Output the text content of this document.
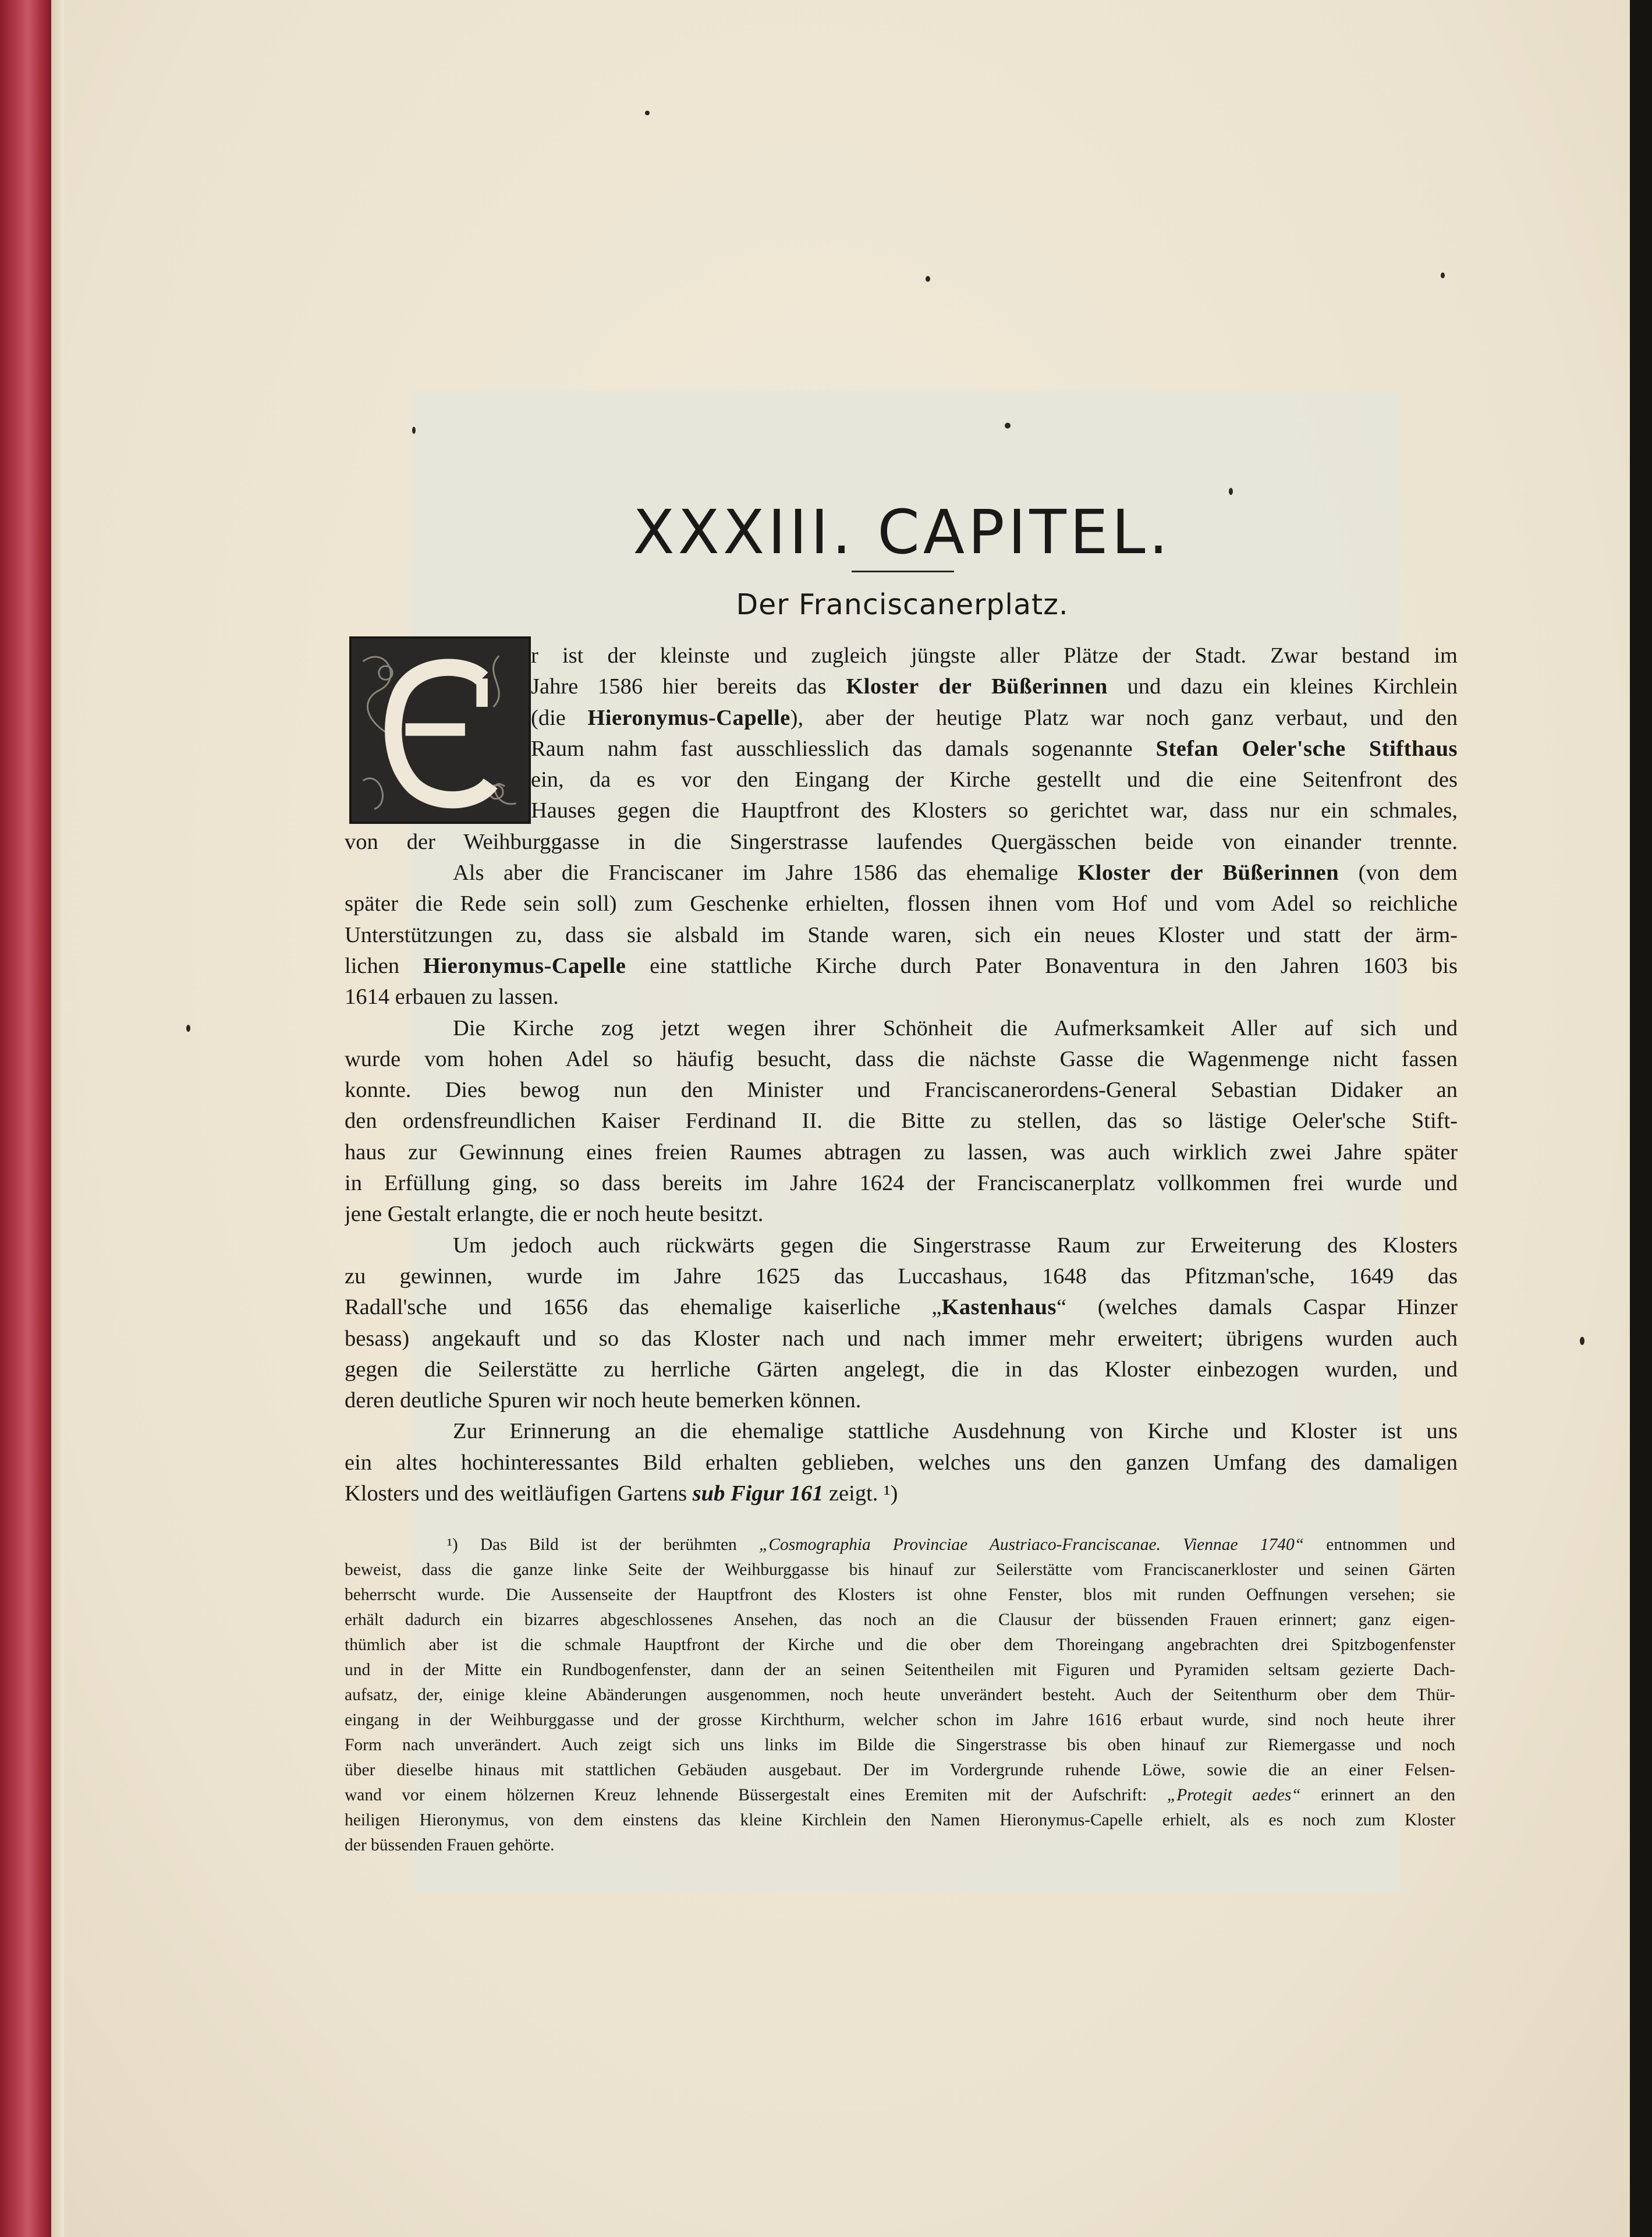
XXXIII. CAPITEL.
Der Franciscanerplatz.
E
r ist der kleinste und zugleich jüngste aller Plätze der Stadt. Zwar bestand im
Jahre 1586 hier bereits das Kloster der Büßerinnen und dazu ein kleines Kirchlein
(die Hieronymus-Capelle), aber der heutige Platz war noch ganz verbaut, und den
Raum nahm fast ausschliesslich das damals sogenannte Stefan Oeler'sche Stifthaus
ein, da es vor den Eingang der Kirche gestellt und die eine Seitenfront des
Hauses gegen die Hauptfront des Klosters so gerichtet war, dass nur ein schmales,
von der Weihburggasse in die Singerstrasse laufendes Quergässchen beide von einander trennte.
Als aber die Franciscaner im Jahre 1586 das ehemalige Kloster der Büßerinnen (von dem
später die Rede sein soll) zum Geschenke erhielten, flossen ihnen vom Hof und vom Adel so reichliche
Unterstützungen zu, dass sie alsbald im Stande waren, sich ein neues Kloster und statt der ärm-
lichen Hieronymus-Capelle eine stattliche Kirche durch Pater Bonaventura in den Jahren 1603 bis
1614 erbauen zu lassen.
Die Kirche zog jetzt wegen ihrer Schönheit die Aufmerksamkeit Aller auf sich und
wurde vom hohen Adel so häufig besucht, dass die nächste Gasse die Wagenmenge nicht fassen
konnte. Dies bewog nun den Minister und Franciscanerordens-General Sebastian Didaker an
den ordensfreundlichen Kaiser Ferdinand II. die Bitte zu stellen, das so lästige Oeler'sche Stift-
haus zur Gewinnung eines freien Raumes abtragen zu lassen, was auch wirklich zwei Jahre später
in Erfüllung ging, so dass bereits im Jahre 1624 der Franciscanerplatz vollkommen frei wurde und
jene Gestalt erlangte, die er noch heute besitzt.
Um jedoch auch rückwärts gegen die Singerstrasse Raum zur Erweiterung des Klosters
zu gewinnen, wurde im Jahre 1625 das Luccashaus, 1648 das Pfitzman'sche, 1649 das
Radall'sche und 1656 das ehemalige kaiserliche „Kastenhaus“ (welches damals Caspar Hinzer
besass) angekauft und so das Kloster nach und nach immer mehr erweitert; übrigens wurden auch
gegen die Seilerstätte zu herrliche Gärten angelegt, die in das Kloster einbezogen wurden, und
deren deutliche Spuren wir noch heute bemerken können.
Zur Erinnerung an die ehemalige stattliche Ausdehnung von Kirche und Kloster ist uns
ein altes hochinteressantes Bild erhalten geblieben, welches uns den ganzen Umfang des damaligen
Klosters und des weitläufigen Gartens sub Figur 161 zeigt. ¹)
¹) Das Bild ist der berühmten „Cosmographia Provinciae Austriaco-Franciscanae. Viennae 1740“ entnommen und
beweist, dass die ganze linke Seite der Weihburggasse bis hinauf zur Seilerstätte vom Franciscanerkloster und seinen Gärten
beherrscht wurde. Die Aussenseite der Hauptfront des Klosters ist ohne Fenster, blos mit runden Oeffnungen versehen; sie
erhält dadurch ein bizarres abgeschlossenes Ansehen, das noch an die Clausur der büssenden Frauen erinnert; ganz eigen-
thümlich aber ist die schmale Hauptfront der Kirche und die ober dem Thoreingang angebrachten drei Spitzbogenfenster
und in der Mitte ein Rundbogenfenster, dann der an seinen Seitentheilen mit Figuren und Pyramiden seltsam gezierte Dach-
aufsatz, der, einige kleine Abänderungen ausgenommen, noch heute unverändert besteht. Auch der Seitenthurm ober dem Thür-
eingang in der Weihburggasse und der grosse Kirchthurm, welcher schon im Jahre 1616 erbaut wurde, sind noch heute ihrer
Form nach unverändert. Auch zeigt sich uns links im Bilde die Singerstrasse bis oben hinauf zur Riemergasse und noch
über dieselbe hinaus mit stattlichen Gebäuden ausgebaut. Der im Vordergrunde ruhende Löwe, sowie die an einer Felsen-
wand vor einem hölzernen Kreuz lehnende Büssergestalt eines Eremiten mit der Aufschrift: „Protegit aedes“ erinnert an den
heiligen Hieronymus, von dem einstens das kleine Kirchlein den Namen Hieronymus-Capelle erhielt, als es noch zum Kloster
der büssenden Frauen gehörte.
